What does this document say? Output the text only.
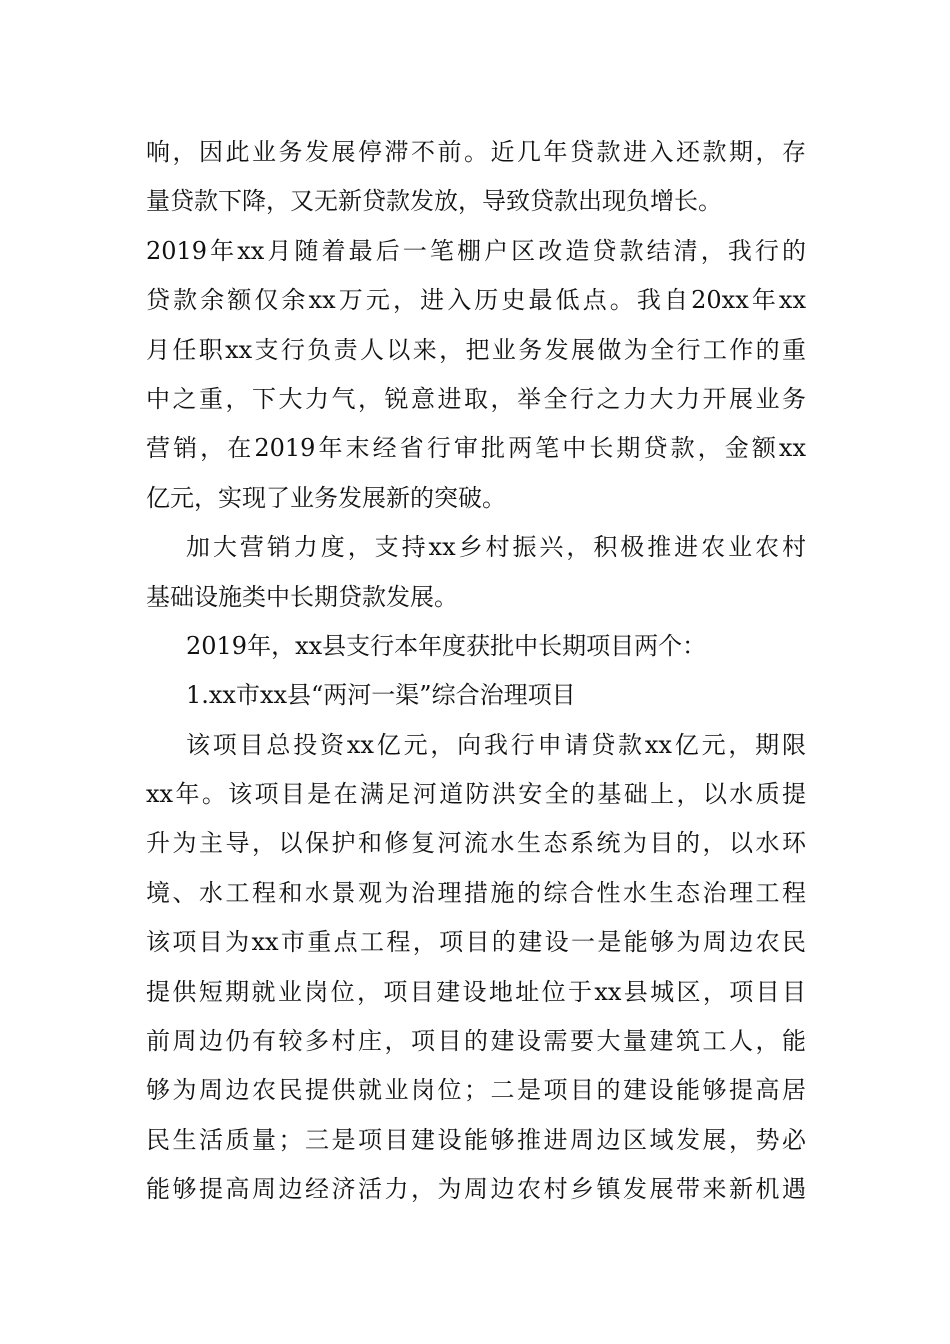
响，因此业务发展停滞不前。近几年贷款进入还款期，存
量贷款下降，又无新贷款发放，导致贷款出现负增长。
2019年xx月随着最后一笔棚户区改造贷款结清，我行的
贷款余额仅余xx万元，进入历史最低点。我自20xx年xx
月任职xx支行负责人以来，把业务发展做为全行工作的重
中之重，下大力气，锐意进取，举全行之力大力开展业务
营销，在2019年末经省行审批两笔中长期贷款，金额xx
亿元，实现了业务发展新的突破。
加大营销力度，支持xx乡村振兴，积极推进农业农村
基础设施类中长期贷款发展。
2019年，xx县支行本年度获批中长期项目两个：
1.xx市xx县“两河一渠”综合治理项目
该项目总投资xx亿元，向我行申请贷款xx亿元，期限
xx年。该项目是在满足河道防洪安全的基础上，以水质提
升为主导，以保护和修复河流水生态系统为目的，以水环
境、水工程和水景观为治理措施的综合性水生态治理工程
该项目为xx市重点工程，项目的建设一是能够为周边农民
提供短期就业岗位，项目建设地址位于xx县城区，项目目
前周边仍有较多村庄，项目的建设需要大量建筑工人，能
够为周边农民提供就业岗位；二是项目的建设能够提高居
民生活质量；三是项目建设能够推进周边区域发展，势必
能够提高周边经济活力，为周边农村乡镇发展带来新机遇
